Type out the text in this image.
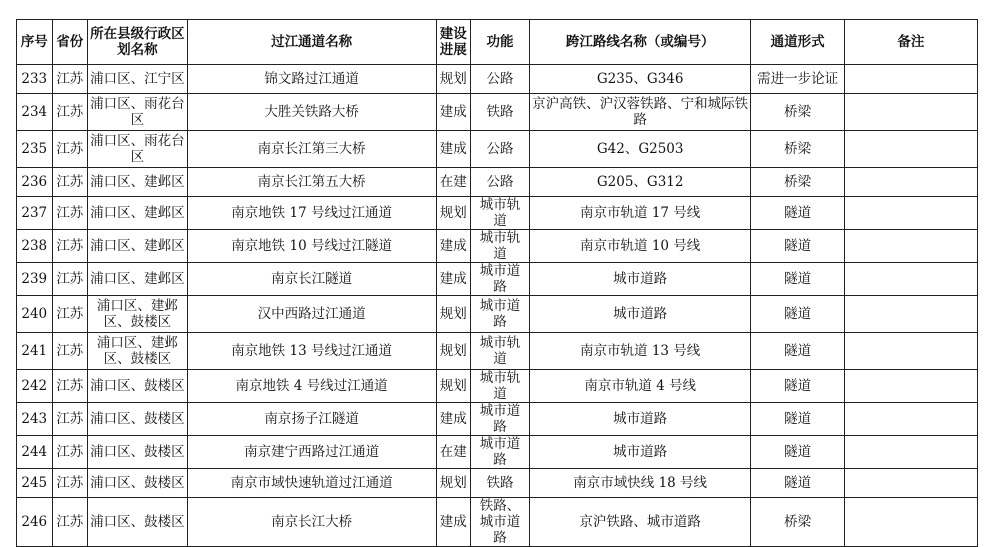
序号	省份	所在县级行政区划名称	过江通道名称	建设进展	功能	跨江路线名称（或编号）	通道形式	备注
233	江苏	浦口区、江宁区	锦文路过江通道	规划	公路	G235、G346	需进一步论证	
234	江苏	浦口区、雨花台区	大胜关铁路大桥	建成	铁路	京沪高铁、沪汉蓉铁路、宁和城际铁路	桥梁	
235	江苏	浦口区、雨花台区	南京长江第三大桥	建成	公路	G42、G2503	桥梁	
236	江苏	浦口区、建邺区	南京长江第五大桥	在建	公路	G205、G312	桥梁	
237	江苏	浦口区、建邺区	南京地铁 17 号线过江通道	规划	城市轨道	南京市轨道 17 号线	隧道	
238	江苏	浦口区、建邺区	南京地铁 10 号线过江隧道	建成	城市轨道	南京市轨道 10 号线	隧道	
239	江苏	浦口区、建邺区	南京长江隧道	建成	城市道路	城市道路	隧道	
240	江苏	浦口区、建邺区、鼓楼区	汉中西路过江通道	规划	城市道路	城市道路	隧道	
241	江苏	浦口区、建邺区、鼓楼区	南京地铁 13 号线过江通道	规划	城市轨道	南京市轨道 13 号线	隧道	
242	江苏	浦口区、鼓楼区	南京地铁 4 号线过江通道	规划	城市轨道	南京市轨道 4 号线	隧道	
243	江苏	浦口区、鼓楼区	南京扬子江隧道	建成	城市道路	城市道路	隧道	
244	江苏	浦口区、鼓楼区	南京建宁西路过江通道	在建	城市道路	城市道路	隧道	
245	江苏	浦口区、鼓楼区	南京市域快速轨道过江通道	规划	铁路	南京市域快线 18 号线	隧道	
246	江苏	浦口区、鼓楼区	南京长江大桥	建成	铁路、城市道路	京沪铁路、城市道路	桥梁	
